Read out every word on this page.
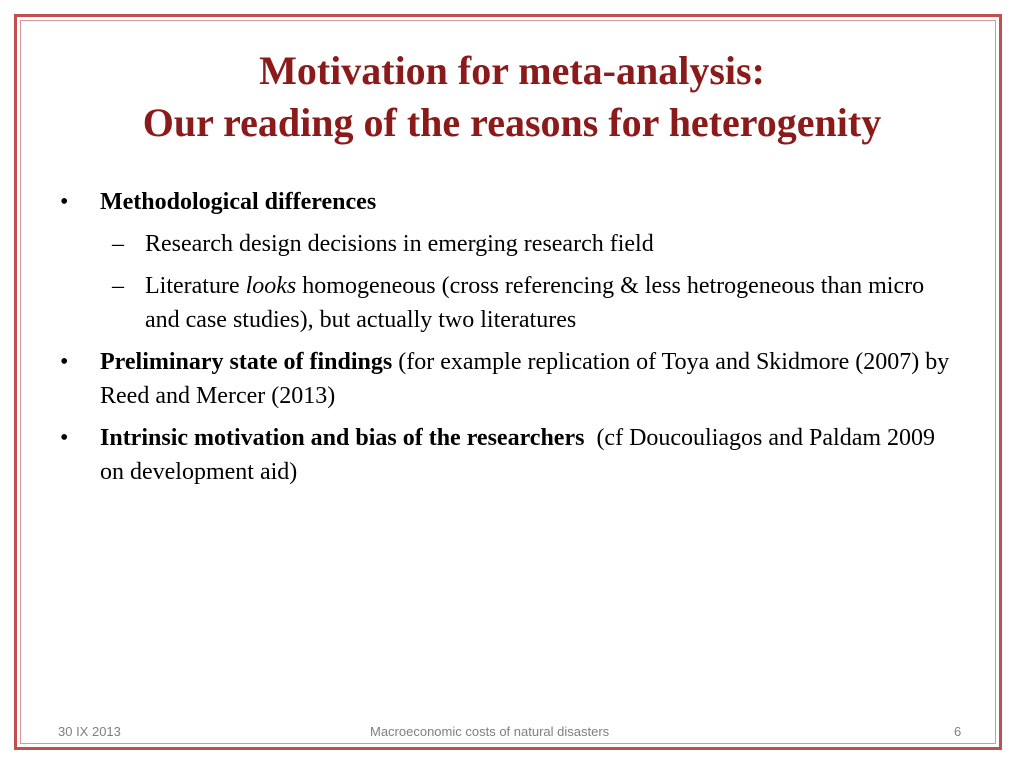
Motivation for meta-analysis:
Our reading of the reasons for heterogenity
•	Methodological differences
– Research design decisions in emerging research field
– Literature looks homogeneous (cross referencing & less hetrogeneous than micro and case studies), but actually two literatures
•	Preliminary state of findings (for example replication of Toya and Skidmore (2007) by Reed and Mercer (2013)
•	Intrinsic motivation and bias of the researchers  (cf Doucouliagos and Paldam 2009 on development aid)
30 IX 2013	Macroeconomic costs of natural disasters	6
